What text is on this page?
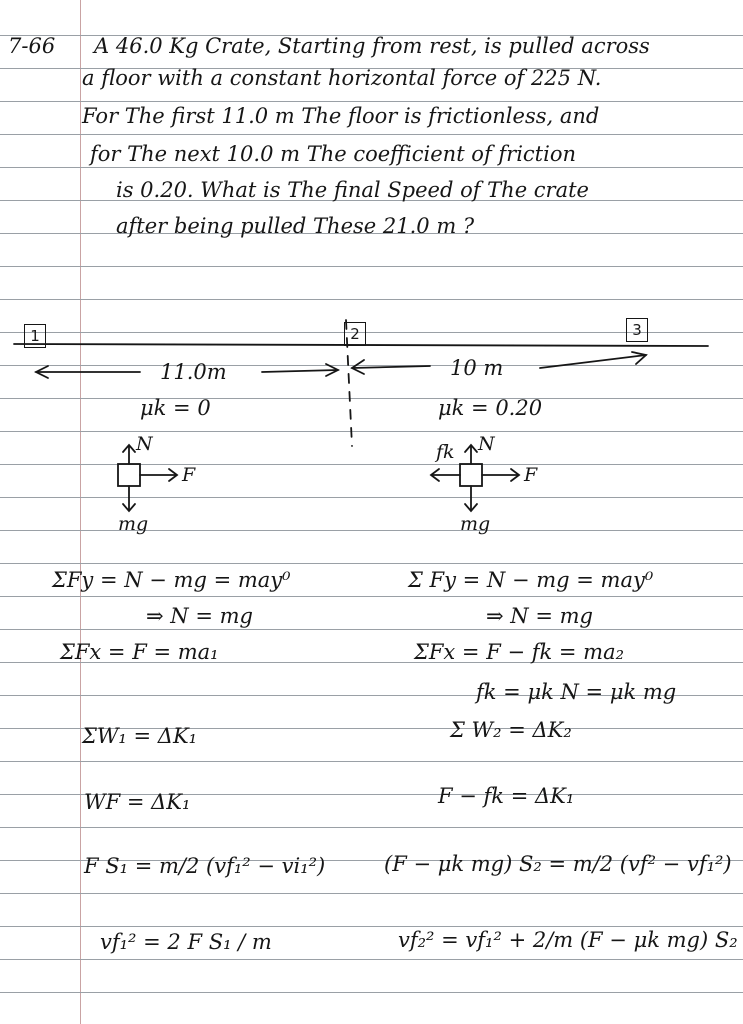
7-66 A 46.0 Kg Crate, Starting from rest, is pulled across
a floor with a constant horizontal force of 225 N.
For The first 11.0 m The floor is frictionless, and
for The next 10.0 m The coefficient of friction
is 0.20. What is The final Speed of The crate
after being pulled These 21.0 m ?
1	2	3
11.0m	10 m
μk = 0	μk = 0.20
N
F
mg
fk N
F
mg
ΣFy = N − mg = may⁰
⇒ N = mg
ΣFx = F = ma₁
ΣW₁ = ΔK₁
WF = ΔK₁
F S₁ = m/2 (vf₁² − vi₁²)
vf₁² = 2 F S₁ / m
Σ Fy = N − mg = may⁰
⇒ N = mg
ΣFx = F − fk = ma₂
fk = μk N = μk mg
Σ W₂ = ΔK₂
F − fk = ΔK₁
(F − μk mg) S₂ = m/2 (vf² − vf₁²)
vf₂² = vf₁² + 2/m (F − μk mg) S₂
